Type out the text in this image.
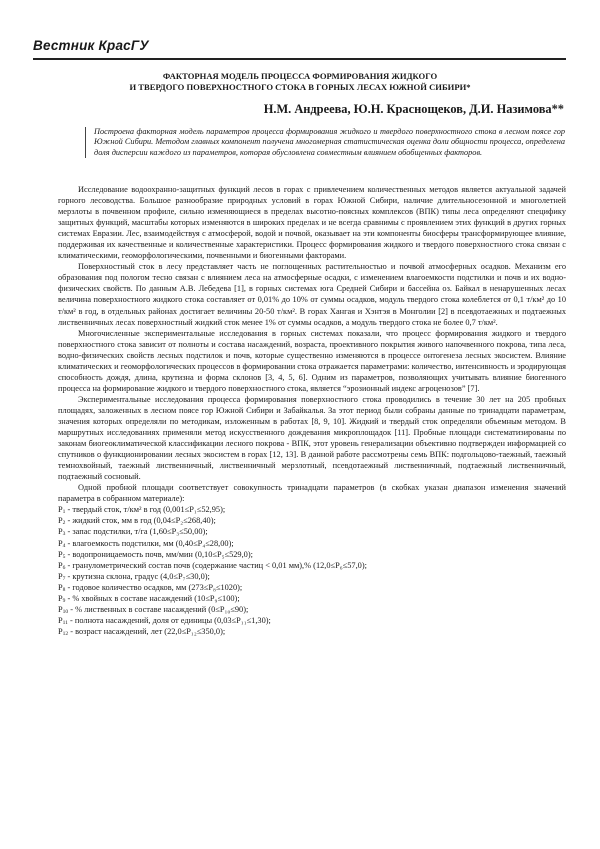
Вестник КрасГУ
ФАКТОРНАЯ МОДЕЛЬ ПРОЦЕССА ФОРМИРОВАНИЯ ЖИДКОГО
И ТВЕРДОГО ПОВЕРХНОСТНОГО СТОКА В ГОРНЫХ ЛЕСАХ ЮЖНОЙ СИБИРИ*
Н.М. Андреева, Ю.Н. Краснощеков, Д.И. Назимова**
Построена факторная модель параметров процесса формирования жидкого и твердого поверхностного стока в лесном поясе гор Южной Сибири. Методом главных компонент получена многомерная статистическая оценка доли общности процесса, определена доля дисперсии каждого из параметров, которая обусловлена совместным влиянием обобщенных факторов.

Исследование водоохранно-защитных функций лесов в горах с привлечением количественных методов является актуальной задачей горного лесоводства. Большое разнообразие природных условий в горах Южной Сибири, наличие длительносезонной и многолетней мерзлоты в почвенном профиле, сильно изменяющиеся в пределах высотно-поясных комплексов (ВПК) типы леса определяют специфику защитных функций, масштабы которых изменяются в широких пределах и не всегда сравнимы с проявлением этих функций в других горных системах Евразии. Лес, взаимодействуя с атмосферой, водой и почвой, оказывает на эти компоненты биосферы трансформирующее влияние, поддерживая их качественные и количественные характеристики. Процесс формирования жидкого и твердого поверхностного стока связан с климатическими, геоморфологическими, почвенными и биогенными факторами.

Поверхностный сток в лесу представляет часть не поглощенных растительностью и почвой атмосферных осадков. Механизм его образования под пологом тесно связан с влиянием леса на атмосферные осадки, с изменением влагоемкости подстилки и почв и их водно-физических свойств. По данным А.В. Лебедева [1], в горных системах юга Средней Сибири и бассейна оз. Байкал в ненарушенных лесах величина поверхностного жидкого стока составляет от 0,01% до 10% от суммы осадков, модуль твердого стока колеблется от 0,1 т/км² до 10 т/км² в год, в отдельных районах достигает величины 20-50 т/км². В горах Хангая и Хэнтэя в Монголии [2] в псевдотаежных и подтаежных лиственничных лесах поверхностный жидкий сток менее 1% от суммы осадков, а модуль твердого стока не более 0,7 т/км².

Многочисленные экспериментальные исследования в горных системах показали, что процесс формирования жидкого и твердого поверхностного стока зависит от полноты и состава насаждений, возраста, проективного покрытия живого напочвенного покрова, типа леса, водно-физических свойств лесных подстилок и почв, которые существенно изменяются в процессе онтогенеза лесных экосистем. Влияние климатических и геоморфологических процессов в формировании стока отражается параметрами: количество, интенсивность и эродирующая способность дождя, длина, крутизна и форма склонов [3, 4, 5, 6]. Одним из параметров, позволяющих учитывать влияние биогенного процесса на формирование жидкого и твердого поверхностного стока, является “эрозионный индекс агроценозов” [7].

Экспериментальные исследования процесса формирования поверхностного стока проводились в течение 30 лет на 205 пробных площадях, заложенных в лесном поясе гор Южной Сибири и Забайкалья. За этот период были собраны данные по тринадцати параметрам, значения которых определяли по методикам, изложенным в работах [8, 9, 10]. Жидкий и твердый сток определяли объемным методом. В маршрутных исследованиях применяли метод искусственного дождевания микроплощадок [11]. Пробные площади систематизированы по законам биогеоклиматической классификации лесного покрова - ВПК, этот уровень генерализации объективно подтвержден информацией со спутников о функционировании лесных экосистем в горах [12, 13]. В данной работе рассмотрены семь ВПК: подгольцово-таежный, таежный темнохвойный, таежный лиственничный, лиственничный мерзлотный, псевдотаежный лиственничный, подтаежный лиственничный, подтаежный сосновый.

Одной пробной площади соответствует совокупность тринадцати параметров (в скобках указан диапазон изменения значений параметра в собранном материале):

$P_1$ - твердый сток, т/км² в год (0,001≤P₁≤52,95);
$P_2$ - жидкий сток, мм в год (0,04≤P₂≤268,40);
$P_3$ - запас подстилки, т/га (1,60≤P₃≤50,00);
$P_4$ - влагоемкость подстилки, мм (0,40≤P₄≤28,00);
$P_5$ - водопроницаемость почв, мм/мин (0,10≤P₅≤529,0);
$P_6$ - гранулометрический состав почв (содержание частиц < 0,01 мм),% (12,0≤P₆≤57,0);
$P_7$ - крутизна склона, градус (4,0≤P₇≤30,0);
$P_8$ - годовое количество осадков, мм (273≤P₈≤1020);
$P_9$ - % хвойных в составе насаждений (10≤P₉≤100);
$P_{10}$ - % лиственных в составе насаждений (0≤P₁₀≤90);
$P_{11}$ - полнота насаждений, доля от единицы (0,03≤P₁₁≤1,30);
$P_{12}$ - возраст насаждений, лет (22,0≤P₁₂≤350,0);
